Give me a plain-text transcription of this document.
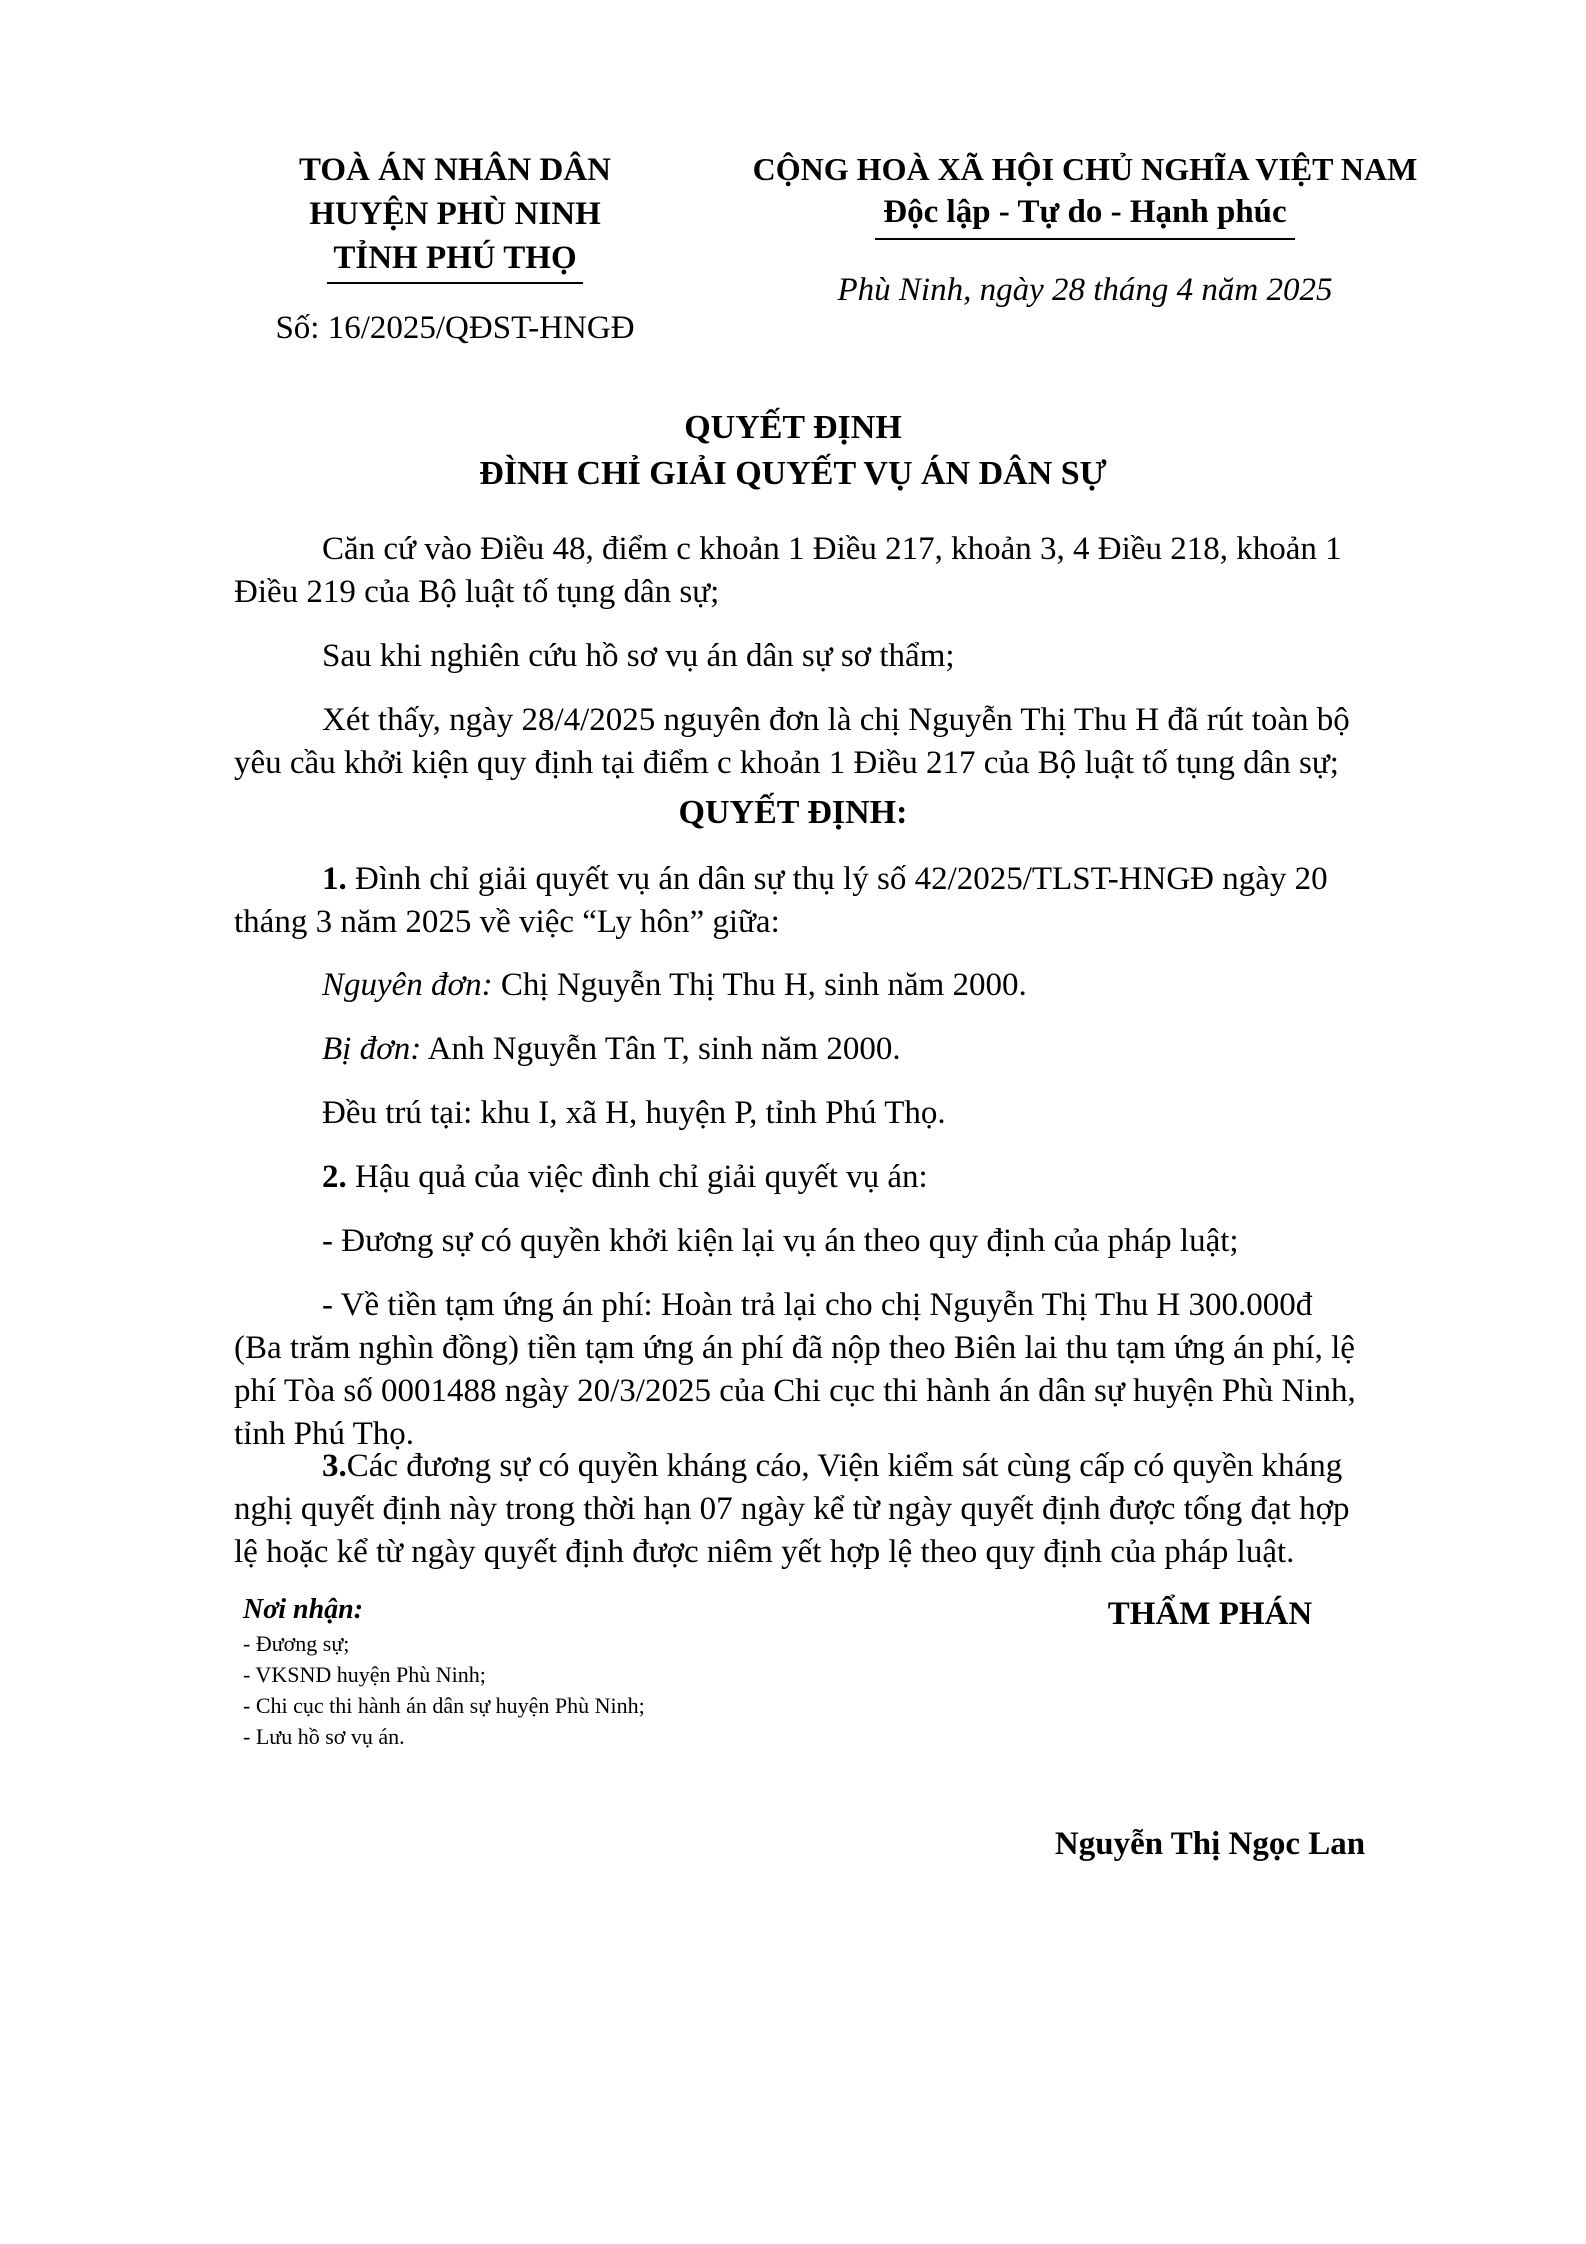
TOÀ ÁN NHÂN DÂN
HUYỆN PHÙ NINH
TỈNH PHÚ THỌ
Số: 16/2025/QĐST-HNGĐ
CỘNG HOÀ XÃ HỘI CHỦ NGHĨA VIỆT NAM
Độc lập - Tự do - Hạnh phúc
Phù Ninh, ngày 28 tháng 4 năm 2025
QUYẾT ĐỊNH
ĐÌNH CHỈ GIẢI QUYẾT VỤ ÁN DÂN SỰ
Căn cứ vào Điều 48, điểm c khoản 1 Điều 217, khoản 3, 4 Điều 218, khoản 1
Điều 219 của Bộ luật tố tụng dân sự;
Sau khi nghiên cứu hồ sơ vụ án dân sự sơ thẩm;
Xét thấy, ngày 28/4/2025 nguyên đơn là chị Nguyễn Thị Thu H đã rút toàn bộ
yêu cầu khởi kiện quy định tại điểm c khoản 1 Điều 217 của Bộ luật tố tụng dân sự;
QUYẾT ĐỊNH:
1. Đình chỉ giải quyết vụ án dân sự thụ lý số 42/2025/TLST-HNGĐ ngày 20
tháng 3 năm 2025 về việc “Ly hôn” giữa:
Nguyên đơn: Chị Nguyễn Thị Thu H, sinh năm 2000.
Bị đơn: Anh Nguyễn Tân T, sinh năm 2000.
Đều trú tại: khu I, xã H, huyện P, tỉnh Phú Thọ.
2. Hậu quả của việc đình chỉ giải quyết vụ án:
- Đương sự có quyền khởi kiện lại vụ án theo quy định của pháp luật;
- Về tiền tạm ứng án phí: Hoàn trả lại cho chị Nguyễn Thị Thu H 300.000đ
(Ba trăm nghìn đồng) tiền tạm ứng án phí đã nộp theo Biên lai thu tạm ứng án phí, lệ
phí Tòa số 0001488 ngày 20/3/2025 của Chi cục thi hành án dân sự huyện Phù Ninh,
tỉnh Phú Thọ.
3.Các đương sự có quyền kháng cáo, Viện kiểm sát cùng cấp có quyền kháng
nghị quyết định này trong thời hạn 07 ngày kể từ ngày quyết định được tống đạt hợp
lệ hoặc kể từ ngày quyết định được niêm yết hợp lệ theo quy định của pháp luật.
Nơi nhận:
- Đương sự;
- VKSND huyện Phù Ninh;
- Chi cục thi hành án dân sự huyện Phù Ninh;
- Lưu hồ sơ vụ án.
THẨM PHÁN
Nguyễn Thị Ngọc Lan
